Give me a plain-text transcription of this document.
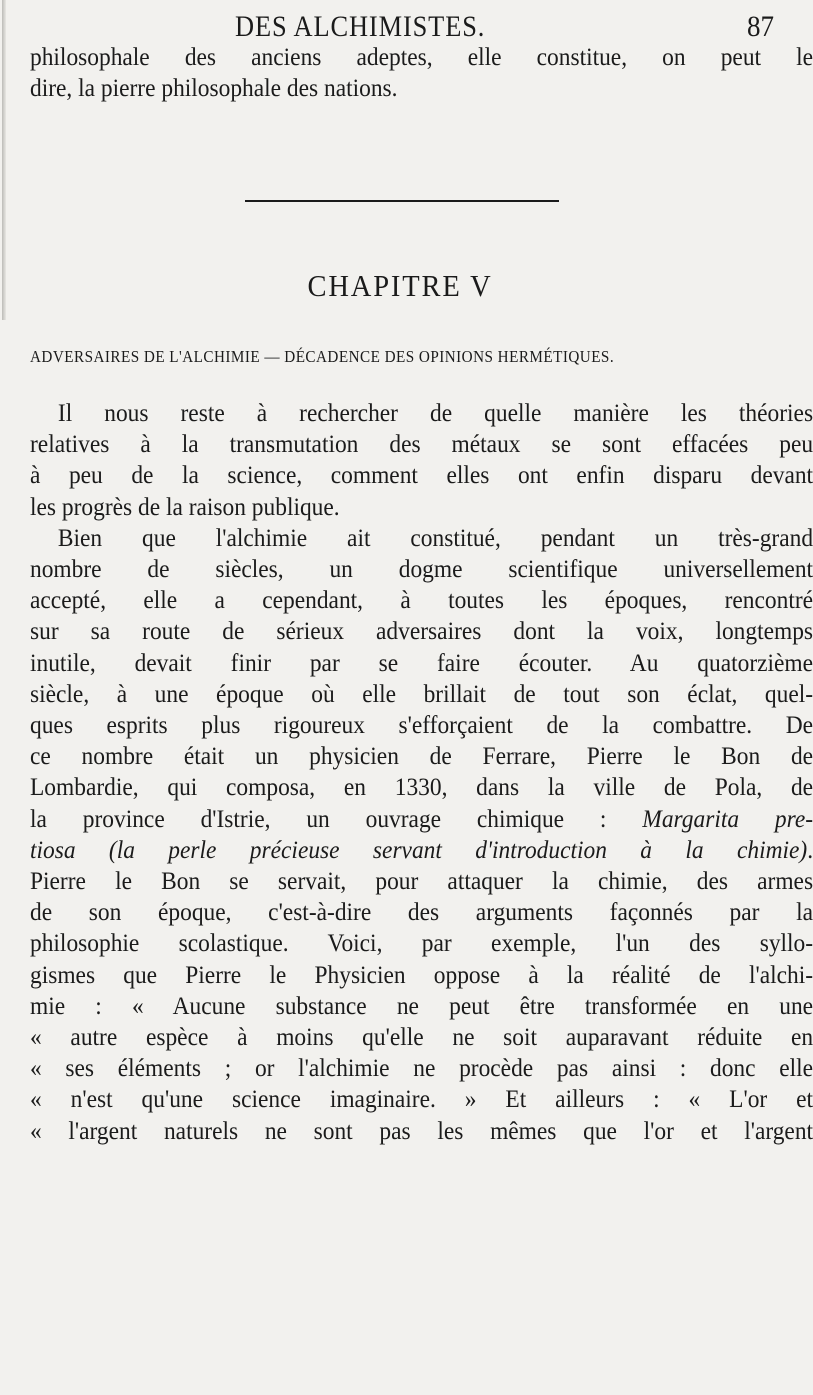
DES ALCHIMISTES.	87
philosophale des anciens adeptes, elle constitue, on peut le
dire, la pierre philosophale des nations.
CHAPITRE V
ADVERSAIRES DE L'ALCHIMIE — DÉCADENCE DES OPINIONS HERMÉTIQUES.
Il nous reste à rechercher de quelle manière les théories
relatives à la transmutation des métaux se sont effacées peu
à peu de la science, comment elles ont enfin disparu devant
les progrès de la raison publique.
Bien que l'alchimie ait constitué, pendant un très-grand
nombre de siècles, un dogme scientifique universellement
accepté, elle a cependant, à toutes les époques, rencontré
sur sa route de sérieux adversaires dont la voix, longtemps
inutile, devait finir par se faire écouter. Au quatorzième
siècle, à une époque où elle brillait de tout son éclat, quel-
ques esprits plus rigoureux s'efforçaient de la combattre. De
ce nombre était un physicien de Ferrare, Pierre le Bon de
Lombardie, qui composa, en 1330, dans la ville de Pola, de
la province d'Istrie, un ouvrage chimique : Margarita pre-
tiosa (la perle précieuse servant d'introduction à la chimie).
Pierre le Bon se servait, pour attaquer la chimie, des armes
de son époque, c'est-à-dire des arguments façonnés par la
philosophie scolastique. Voici, par exemple, l'un des syllo-
gismes que Pierre le Physicien oppose à la réalité de l'alchi-
mie : « Aucune substance ne peut être transformée en une
« autre espèce à moins qu'elle ne soit auparavant réduite en
« ses éléments ; or l'alchimie ne procède pas ainsi : donc elle
« n'est qu'une science imaginaire. » Et ailleurs : « L'or et
« l'argent naturels ne sont pas les mêmes que l'or et l'argent
